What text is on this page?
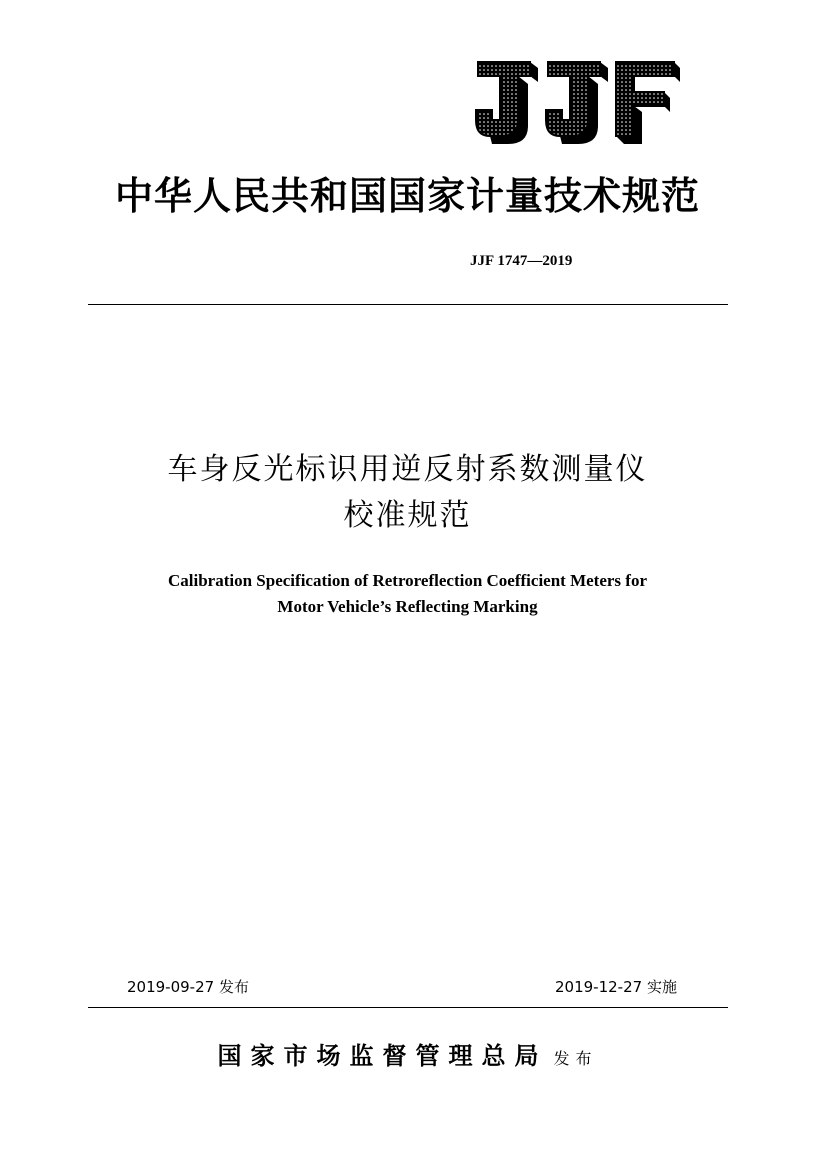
中华人民共和国国家计量技术规范
JJF 1747—2019
车身反光标识用逆反射系数测量仪
校准规范
Calibration Specification of Retroreflection Coefficient Meters for
Motor Vehicle’s Reflecting Marking
2019-09-27 发布	2019-12-27 实施
国家市场监督管理总局 发布
